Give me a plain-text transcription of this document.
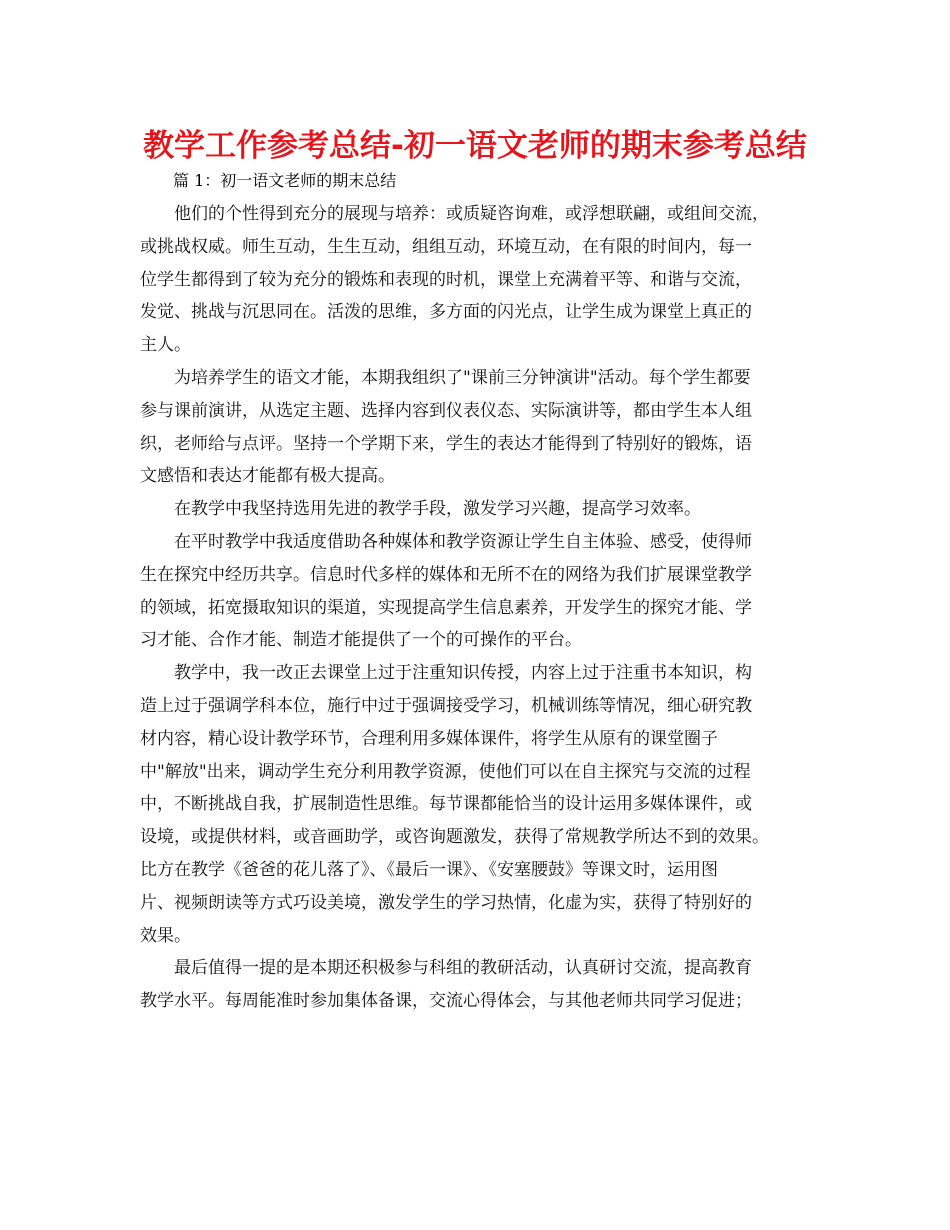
教学工作参考总结-初一语文老师的期末参考总结
篇 1：初一语文老师的期末总结
他们的个性得到充分的展现与培养：或质疑咨询难，或浮想联翩，或组间交流，
或挑战权威。师生互动，生生互动，组组互动，环境互动，在有限的时间内，每一
位学生都得到了较为充分的锻炼和表现的时机，课堂上充满着平等、和谐与交流，
发觉、挑战与沉思同在。活泼的思维，多方面的闪光点，让学生成为课堂上真正的
主人。
为培养学生的语文才能，本期我组织了"课前三分钟演讲"活动。每个学生都要
参与课前演讲，从选定主题、选择内容到仪表仪态、实际演讲等，都由学生本人组
织，老师给与点评。坚持一个学期下来，学生的表达才能得到了特别好的锻炼，语
文感悟和表达才能都有极大提高。
在教学中我坚持选用先进的教学手段，激发学习兴趣，提高学习效率。
在平时教学中我适度借助各种媒体和教学资源让学生自主体验、感受，使得师
生在探究中经历共享。信息时代多样的媒体和无所不在的网络为我们扩展课堂教学
的领域，拓宽摄取知识的渠道，实现提高学生信息素养，开发学生的探究才能、学
习才能、合作才能、制造才能提供了一个的可操作的平台。
教学中，我一改正去课堂上过于注重知识传授，内容上过于注重书本知识，构
造上过于强调学科本位，施行中过于强调接受学习，机械训练等情况，细心研究教
材内容，精心设计教学环节，合理利用多媒体课件，将学生从原有的课堂圈子
中"解放"出来，调动学生充分利用教学资源，使他们可以在自主探究与交流的过程
中，不断挑战自我，扩展制造性思维。每节课都能恰当的设计运用多媒体课件，或
设境，或提供材料，或音画助学，或咨询题激发，获得了常规教学所达不到的效果。
比方在教学《爸爸的花儿落了》、《最后一课》、《安塞腰鼓》等课文时，运用图
片、视频朗读等方式巧设美境，激发学生的学习热情，化虚为实，获得了特别好的
效果。
最后值得一提的是本期还积极参与科组的教研活动，认真研讨交流，提高教育
教学水平。每周能准时参加集体备课，交流心得体会，与其他老师共同学习促进；
